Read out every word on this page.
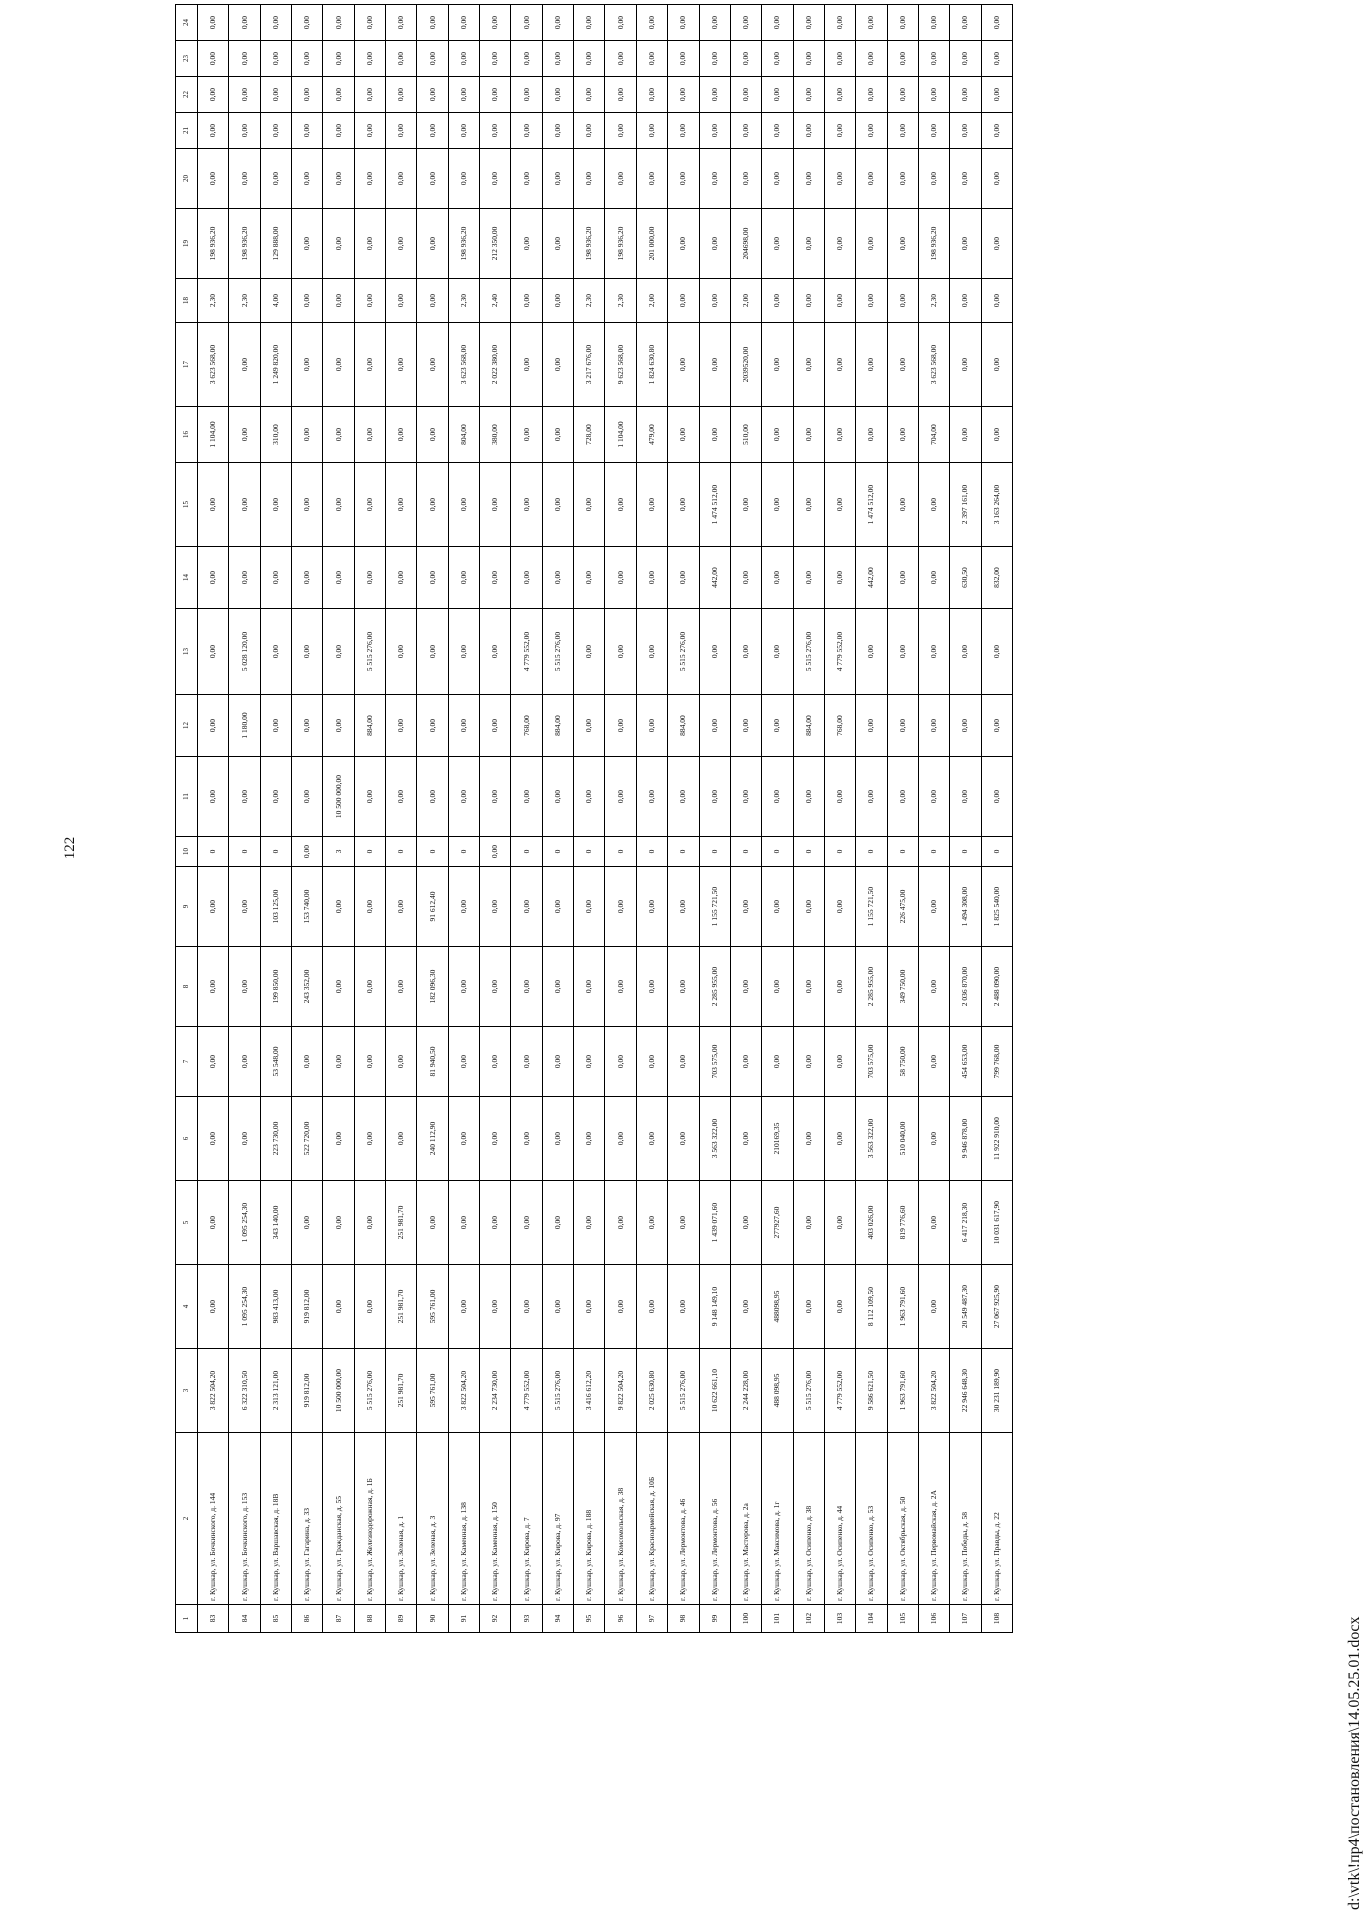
122
1	2	3	4	5	6	7	8	9	10	11	12	13	14	15	16	17	18	19	20	21	22	23	24
83	г. Кушкар, ул. Бочкинского, д. 144	3 822 504,20	0,00	0,00	0,00	0,00	0,00	0,00	0	0,00	0,00	0,00	0,00	0,00	1 104,00	3 623 568,00	2,30	198 936,20	0,00	0,00	0,00	0,00	0,00
84	г. Кушкар, ул. Бочкинского, д. 153	6 322 310,50	1 095 254,30	1 095 254,30	0,00	0,00	0,00	0,00	0	0,00	1 180,00	5 028 120,00	0,00	0,00	0,00	0,00	2,30	198 936,20	0,00	0,00	0,00	0,00	0,00
85	г. Кушкар, ул. Варшавская, д. 18В	2 313 121,00	983 413,00	343 140,00	223 730,00	53 548,00	199 850,00	103 125,00	0	0,00	0,00	0,00	0,00	0,00	310,00	1 249 820,00	4,00	129 888,00	0,00	0,00	0,00	0,00	0,00
86	г. Кушкар, ул. Гагарина, д. 33	919 812,00	919 812,00	0,00	522 720,00	0,00	243 352,00	153 740,00	0,00	0,00	0,00	0,00	0,00	0,00	0,00	0,00	0,00	0,00	0,00	0,00	0,00	0,00	0,00
87	г. Кушкар, ул. Гражданская, д. 55	10 500 000,00	0,00	0,00	0,00	0,00	0,00	0,00	3	10 500 000,00	0,00	0,00	0,00	0,00	0,00	0,00	0,00	0,00	0,00	0,00	0,00	0,00	0,00
88	г. Кушкар, ул. Железнодорожная, д. 1Б	5 515 276,00	0,00	0,00	0,00	0,00	0,00	0,00	0	0,00	884,00	5 515 276,00	0,00	0,00	0,00	0,00	0,00	0,00	0,00	0,00	0,00	0,00	0,00
89	г. Кушкар, ул. Зеленая, д. 1	251 981,70	251 981,70	251 981,70	0,00	0,00	0,00	0,00	0	0,00	0,00	0,00	0,00	0,00	0,00	0,00	0,00	0,00	0,00	0,00	0,00	0,00	0,00
90	г. Кушкар, ул. Зеленая, д. 3	595 761,00	595 761,00	0,00	240 112,90	81 940,50	182 096,30	91 612,40	0	0,00	0,00	0,00	0,00	0,00	0,00	0,00	0,00	0,00	0,00	0,00	0,00	0,00	0,00
91	г. Кушкар, ул. Каменная, д. 138	3 822 504,20	0,00	0,00	0,00	0,00	0,00	0,00	0	0,00	0,00	0,00	0,00	0,00	804,00	3 623 568,00	2,30	198 936,20	0,00	0,00	0,00	0,00	0,00
92	г. Кушкар, ул. Каменная, д. 150	2 234 730,00	0,00	0,00	0,00	0,00	0,00	0,00	0,00	0,00	0,00	0,00	0,00	0,00	380,00	2 022 380,00	2,40	212 350,00	0,00	0,00	0,00	0,00	0,00
93	г. Кушкар, ул. Кирова, д. 7	4 779 552,00	0,00	0,00	0,00	0,00	0,00	0,00	0	0,00	768,00	4 779 552,00	0,00	0,00	0,00	0,00	0,00	0,00	0,00	0,00	0,00	0,00	0,00
94	г. Кушкар, ул. Кирова, д. 97	5 515 276,00	0,00	0,00	0,00	0,00	0,00	0,00	0	0,00	884,00	5 515 276,00	0,00	0,00	0,00	0,00	0,00	0,00	0,00	0,00	0,00	0,00	0,00
95	г. Кушкар, ул. Кирова, д. 188	3 416 612,20	0,00	0,00	0,00	0,00	0,00	0,00	0	0,00	0,00	0,00	0,00	0,00	728,00	3 217 676,00	2,30	198 936,20	0,00	0,00	0,00	0,00	0,00
96	г. Кушкар, ул. Комсомольская, д. 38	9 822 504,20	0,00	0,00	0,00	0,00	0,00	0,00	0	0,00	0,00	0,00	0,00	0,00	1 104,00	9 623 568,00	2,30	198 936,20	0,00	0,00	0,00	0,00	0,00
97	г. Кушкар, ул. Красноармейская, д. 10Б	2 025 630,80	0,00	0,00	0,00	0,00	0,00	0,00	0	0,00	0,00	0,00	0,00	0,00	479,00	1 824 630,80	2,00	201 000,00	0,00	0,00	0,00	0,00	0,00
98	г. Кушкар, ул. Лермонтова, д. 46	5 515 276,00	0,00	0,00	0,00	0,00	0,00	0,00	0	0,00	884,00	5 515 276,00	0,00	0,00	0,00	0,00	0,00	0,00	0,00	0,00	0,00	0,00	0,00
99	г. Кушкар, ул. Лермонтова, д. 56	10 622 661,10	9 148 149,10	1 439 071,60	3 563 322,00	703 575,00	2 285 955,00	1 155 721,50	0	0,00	0,00	0,00	442,00	1 474 512,00	0,00	0,00	0,00	0,00	0,00	0,00	0,00	0,00	0,00
100	г. Кушкар, ул. Мастерова, д. 2а	2 244 228,00	0,00	0,00	0,00	0,00	0,00	0,00	0	0,00	0,00	0,00	0,00	0,00	510,00	2039520,00	2,00	204698,00	0,00	0,00	0,00	0,00	0,00
101	г. Кушкар, ул. Максимова, д. 1г	488 098,95	488098,95	277927,60	210169,35	0,00	0,00	0,00	0	0,00	0,00	0,00	0,00	0,00	0,00	0,00	0,00	0,00	0,00	0,00	0,00	0,00	0,00
102	г. Кушкар, ул. Осипенко, д. 38	5 515 276,00	0,00	0,00	0,00	0,00	0,00	0,00	0	0,00	884,00	5 515 276,00	0,00	0,00	0,00	0,00	0,00	0,00	0,00	0,00	0,00	0,00	0,00
103	г. Кушкар, ул. Осипенко, д. 44	4 779 552,00	0,00	0,00	0,00	0,00	0,00	0,00	0	0,00	768,00	4 779 552,00	0,00	0,00	0,00	0,00	0,00	0,00	0,00	0,00	0,00	0,00	0,00
104	г. Кушкар, ул. Осипенко, д. 53	9 586 621,50	8 112 109,50	403 026,00	3 563 322,00	703 575,00	2 285 955,00	1 155 721,50	0	0,00	0,00	0,00	442,00	1 474 512,00	0,00	0,00	0,00	0,00	0,00	0,00	0,00	0,00	0,00
105	г. Кушкар, ул. Октябрьская, д. 50	1 963 791,60	1 963 791,60	819 776,60	510 040,00	58 750,00	349 750,00	226 475,00	0	0,00	0,00	0,00	0,00	0,00	0,00	0,00	0,00	0,00	0,00	0,00	0,00	0,00	0,00
106	г. Кушкар, ул. Первомайская, д. 2А	3 822 504,20	0,00	0,00	0,00	0,00	0,00	0,00	0	0,00	0,00	0,00	0,00	0,00	704,00	3 623 568,00	2,30	198 936,20	0,00	0,00	0,00	0,00	0,00
107	г. Кушкар, ул. Победы, д. 58	22 946 648,30	20 549 487,30	6 417 218,30	9 946 878,00	454 653,00	2 036 870,00	1 494 308,00	0	0,00	0,00	0,00	630,50	2 397 161,00	0,00	0,00	0,00	0,00	0,00	0,00	0,00	0,00	0,00
108	г. Кушкар, ул. Правды, д. 22	30 231 189,90	27 067 925,90	10 031 617,90	11 922 910,00	799 768,00	2 488 090,00	1 825 540,00	0	0,00	0,00	0,00	832,00	3 163 264,00	0,00	0,00	0,00	0,00	0,00	0,00	0,00	0,00	0,00
d:\vtk\!пр4\постановления\14.05.25.01.docx
